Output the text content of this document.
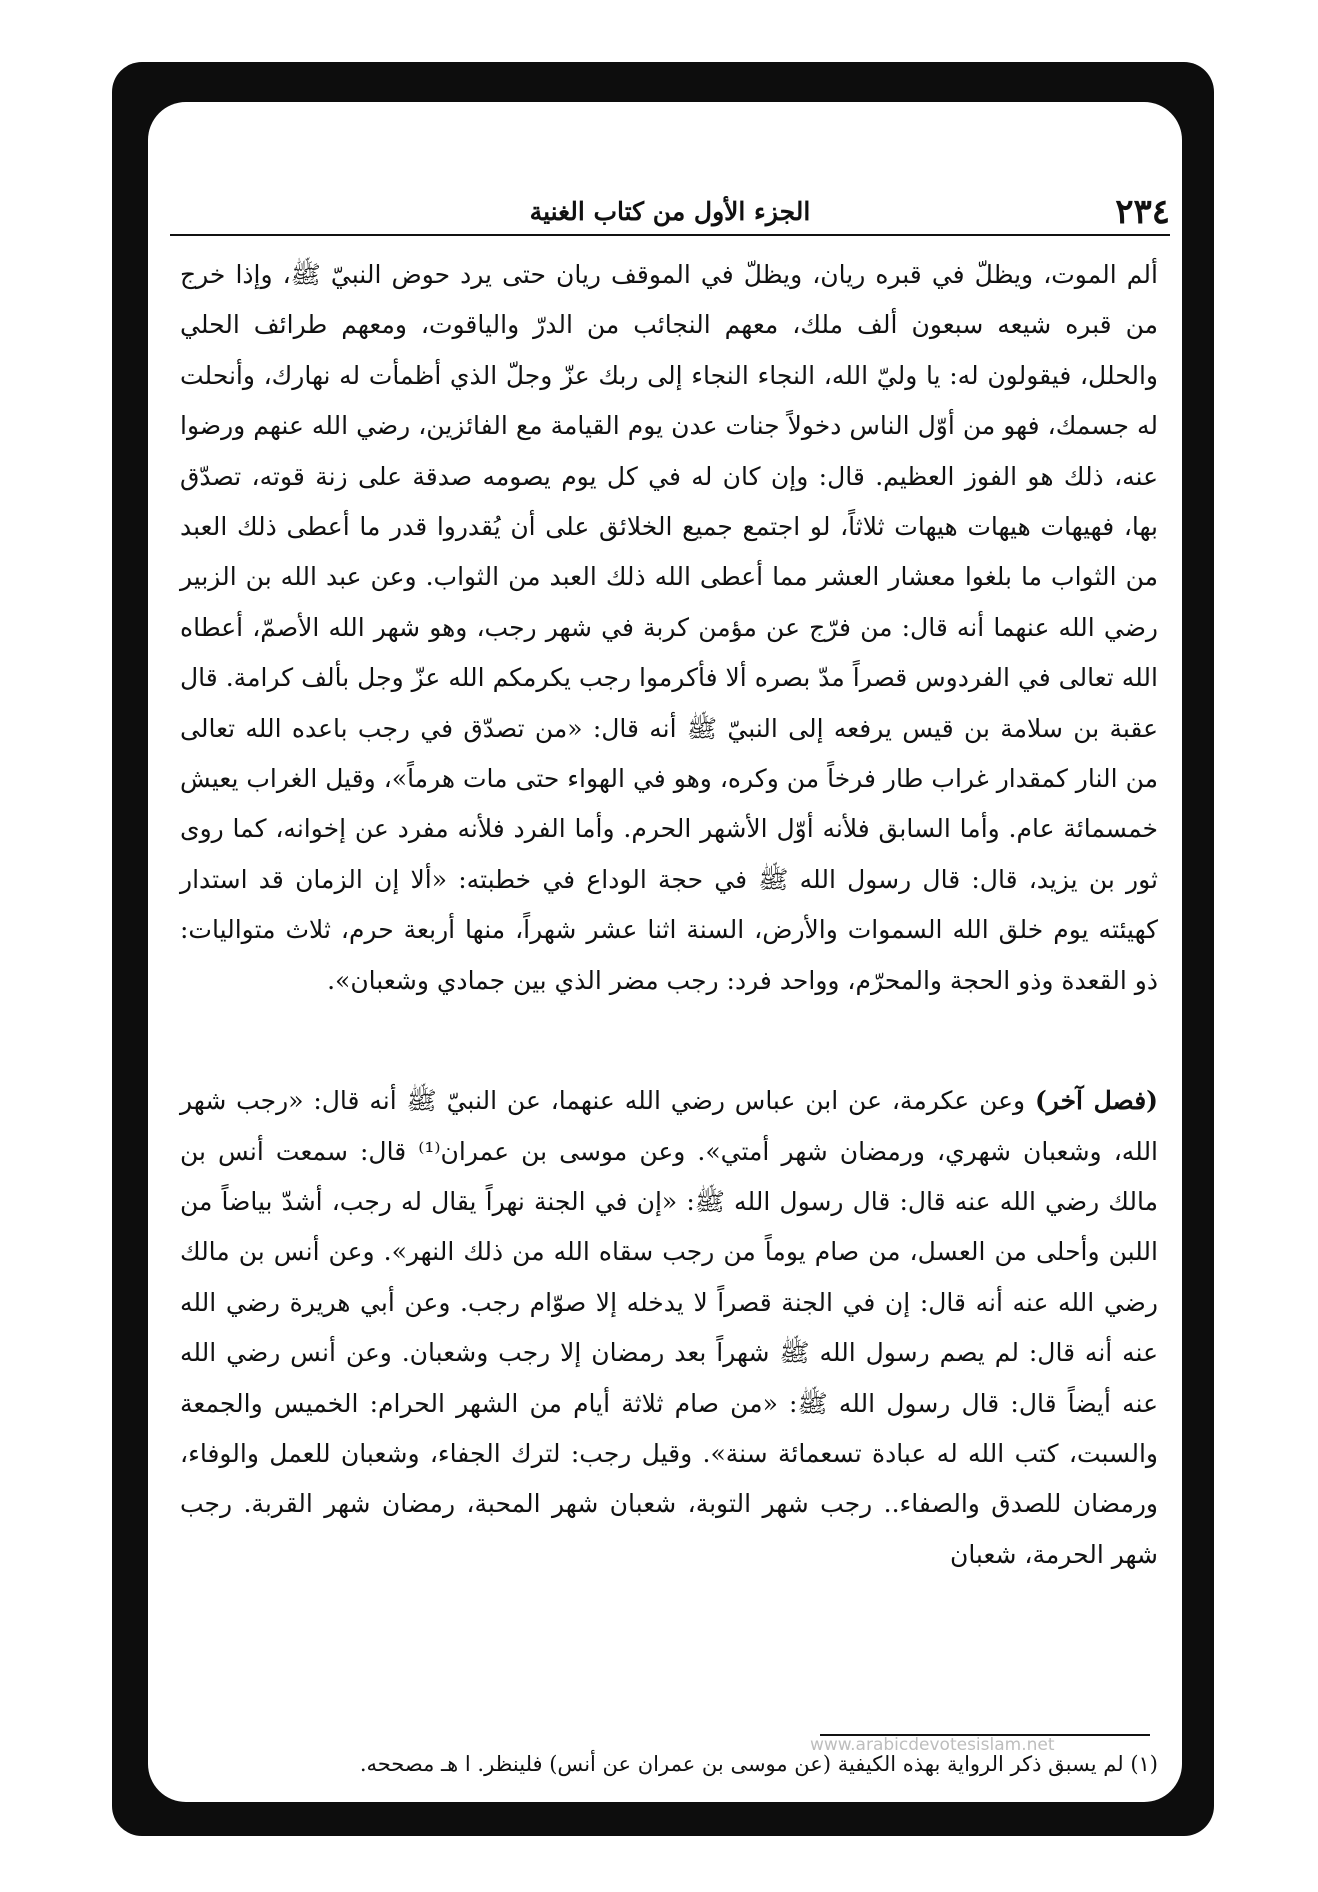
٢٣٤
الجزء الأول من كتاب الغنية

ألم الموت، ويظلّ في قبره ريان، ويظلّ في الموقف ريان حتى يرد حوض النبيّ ﷺ، وإذا خرج من قبره شيعه سبعون ألف ملك، معهم النجائب من الدرّ والياقوت، ومعهم طرائف الحلي والحلل، فيقولون له: يا وليّ الله، النجاء النجاء إلى ربك عزّ وجلّ الذي أظمأت له نهارك، وأنحلت له جسمك، فهو من أوّل الناس دخولاً جنات عدن يوم القيامة مع الفائزين، رضي الله عنهم ورضوا عنه، ذلك هو الفوز العظيم. قال: وإن كان له في كل يوم يصومه صدقة على زنة قوته، تصدّق بها، فهيهات هيهات هيهات ثلاثاً، لو اجتمع جميع الخلائق على أن يُقدروا قدر ما أعطى ذلك العبد من الثواب ما بلغوا معشار العشر مما أعطى الله ذلك العبد من الثواب. وعن عبد الله بن الزبير رضي الله عنهما أنه قال: من فرّج عن مؤمن كربة في شهر رجب، وهو شهر الله الأصمّ، أعطاه الله تعالى في الفردوس قصراً مدّ بصره ألا فأكرموا رجب يكرمكم الله عزّ وجل بألف كرامة. قال عقبة بن سلامة بن قيس يرفعه إلى النبيّ ﷺ أنه قال: «من تصدّق في رجب باعده الله تعالى من النار كمقدار غراب طار فرخاً من وكره، وهو في الهواء حتى مات هرماً»، وقيل الغراب يعيش خمسمائة عام. وأما السابق فلأنه أوّل الأشهر الحرم. وأما الفرد فلأنه مفرد عن إخوانه، كما روى ثور بن يزيد، قال: قال رسول الله ﷺ في حجة الوداع في خطبته: «ألا إن الزمان قد استدار كهيئته يوم خلق الله السموات والأرض، السنة اثنا عشر شهراً، منها أربعة حرم، ثلاث متواليات: ذو القعدة وذو الحجة والمحرّم، وواحد فرد: رجب مضر الذي بين جمادي وشعبان».

(فصل آخر) وعن عكرمة، عن ابن عباس رضي الله عنهما، عن النبيّ ﷺ أنه قال: «رجب شهر الله، وشعبان شهري، ورمضان شهر أمتي». وعن موسى بن عمران⁽¹⁾ قال: سمعت أنس بن مالك رضي الله عنه قال: قال رسول الله ﷺ: «إن في الجنة نهراً يقال له رجب، أشدّ بياضاً من اللبن وأحلى من العسل، من صام يوماً من رجب سقاه الله من ذلك النهر». وعن أنس بن مالك رضي الله عنه أنه قال: إن في الجنة قصراً لا يدخله إلا صوّام رجب. وعن أبي هريرة رضي الله عنه أنه قال: لم يصم رسول الله ﷺ شهراً بعد رمضان إلا رجب وشعبان. وعن أنس رضي الله عنه أيضاً قال: قال رسول الله ﷺ: «من صام ثلاثة أيام من الشهر الحرام: الخميس والجمعة والسبت، كتب الله له عبادة تسعمائة سنة». وقيل رجب: لترك الجفاء، وشعبان للعمل والوفاء، ورمضان للصدق والصفاء.. رجب شهر التوبة، شعبان شهر المحبة، رمضان شهر القربة. رجب شهر الحرمة، شعبان

(١) لم يسبق ذكر الرواية بهذه الكيفية (عن موسى بن عمران عن أنس) فلينظر. ا هـ مصححه.
www.arabicdevotesislam.net
